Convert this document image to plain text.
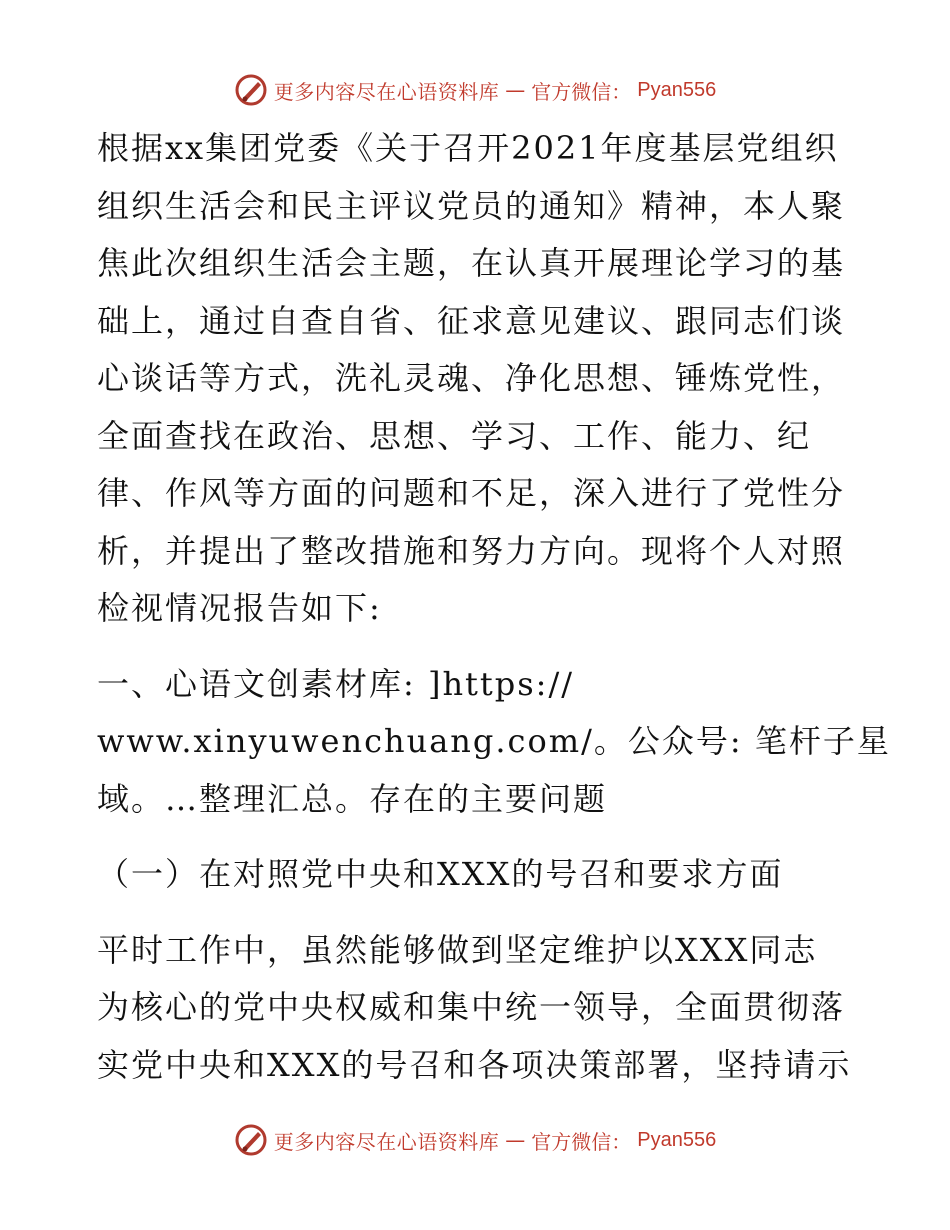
更多内容尽在心语资料库 — 官方微信： Pyan556
根据xx集团党委《关于召开2021年度基层党组织
组织生活会和民主评议党员的通知》精神，本人聚
焦此次组织生活会主题，在认真开展理论学习的基
础上，通过自查自省、征求意见建议、跟同志们谈
心谈话等方式，洗礼灵魂、净化思想、锤炼党性，
全面查找在政治、思想、学习、工作、能力、纪
律、作风等方面的问题和不足，深入进行了党性分
析，并提出了整改措施和努力方向。现将个人对照
检视情况报告如下:
一、心语文创素材库: ]https://
www.xinyuwenchuang.com/。公众号: 笔杆子星
域。…整理汇总。存在的主要问题
（一）在对照党中央和XXX的号召和要求方面
平时工作中，虽然能够做到坚定维护以XXX同志
为核心的党中央权威和集中统一领导，全面贯彻落
实党中央和XXX的号召和各项决策部署，坚持请示
更多内容尽在心语资料库 — 官方微信： Pyan556
